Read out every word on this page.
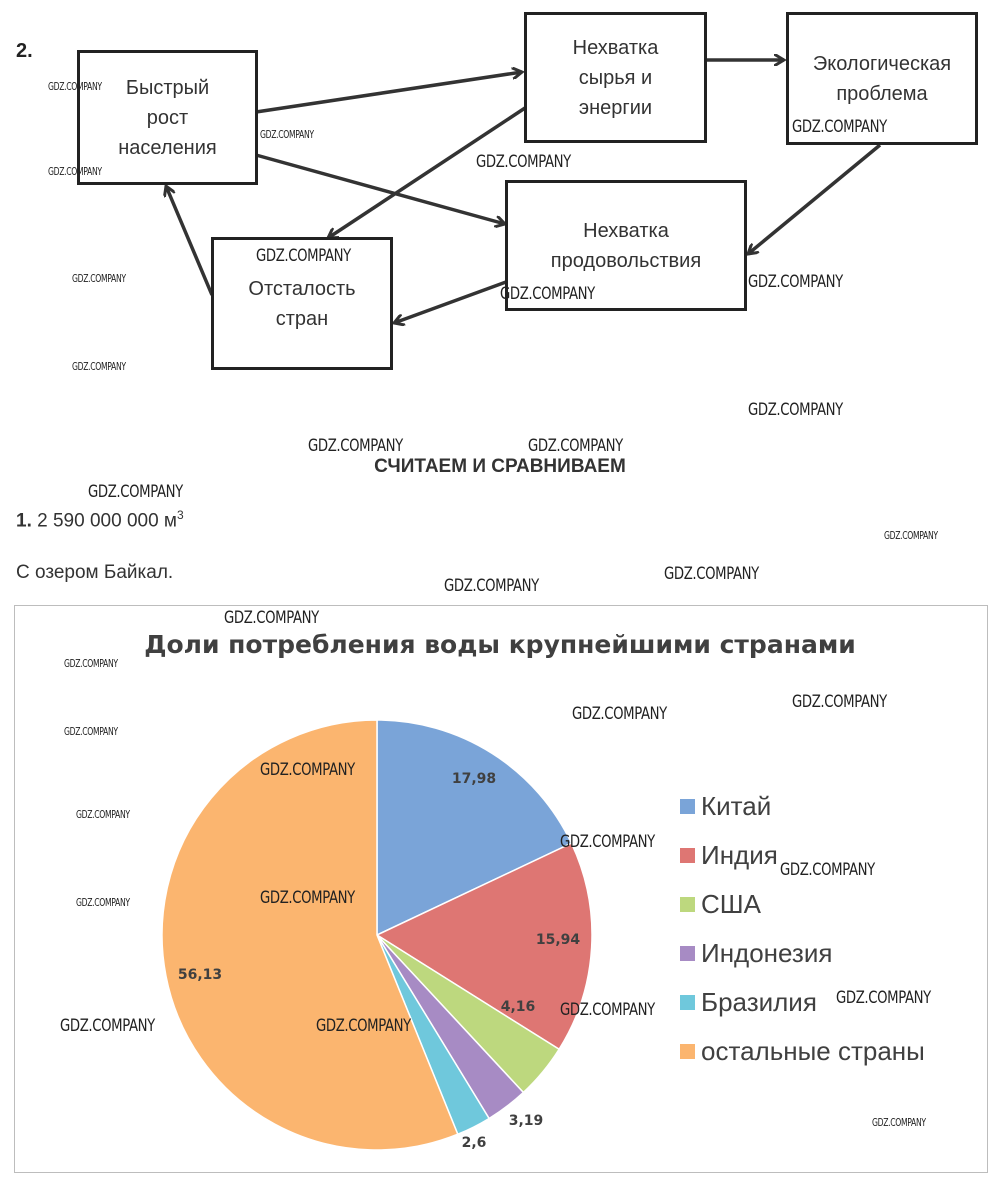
2.
Быстрый
рост
населения
Нехватка
сырья и
энергии
Экологическая
проблема
Нехватка
продовольствия
Отсталость
стран
СЧИТАЕМ И СРАВНИВАЕМ
1. 2 590 000 000 $м^3$
С озером Байкал.
Доли потребления воды крупнейшими странами
17,98
15,94
4,16
3,19
2,6
56,13
Китай
Индия
США
Индонезия
Бразилия
остальные страны
GDZ.COMPANY
GDZ.COMPANY
GDZ.COMPANY
GDZ.COMPANY
GDZ.COMPANY
GDZ.COMPANY
GDZ.COMPANY
GDZ.COMPANY
GDZ.COMPANY
GDZ.COMPANY
GDZ.COMPANY
GDZ.COMPANY	GDZ.COMPANY
GDZ.COMPANY
GDZ.COMPANY
GDZ.COMPANY
GDZ.COMPANY
GDZ.COMPANY
GDZ.COMPANY
GDZ.COMPANY
GDZ.COMPANY
GDZ.COMPANY
GDZ.COMPANY
GDZ.COMPANY
GDZ.COMPANY
GDZ.COMPANY
GDZ.COMPANY
GDZ.COMPANY
GDZ.COMPANY
GDZ.COMPANY
GDZ.COMPANY	GDZ.COMPANY
GDZ.COMPANY
